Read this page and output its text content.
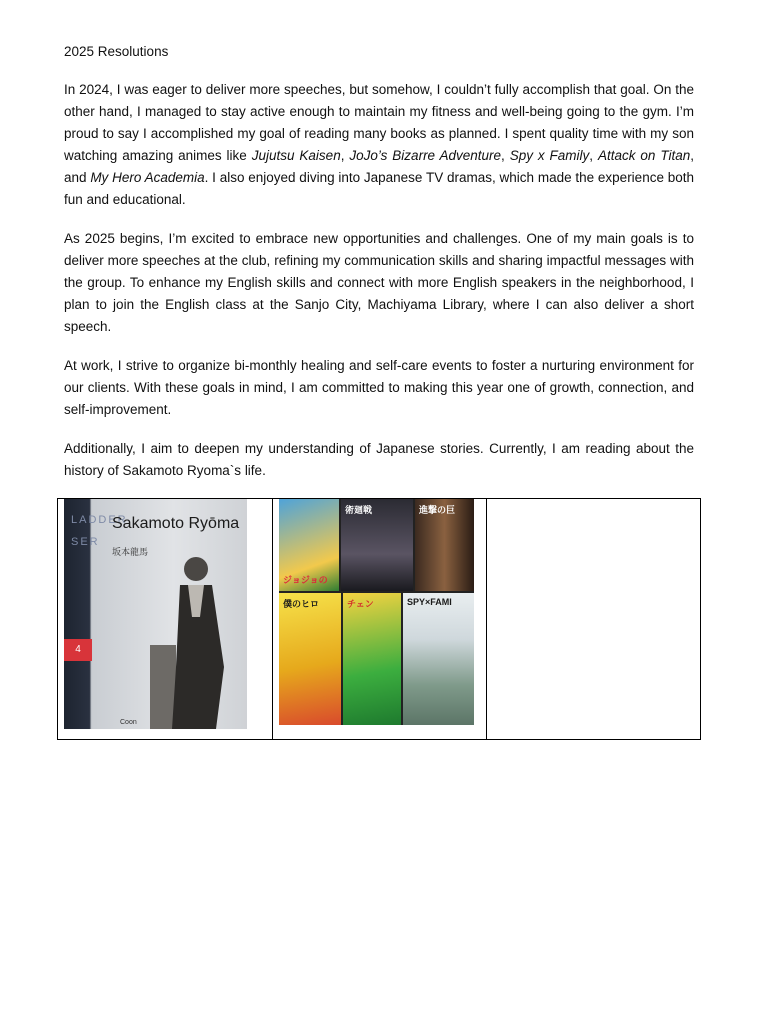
2025 Resolutions

In 2024, I was eager to deliver more speeches, but somehow, I couldn’t fully accomplish that goal. On the other hand, I managed to stay active enough to maintain my fitness and well-being going to the gym. I’m proud to say I accomplished my goal of reading many books as planned. I spent quality time with my son watching amazing animes like Jujutsu Kaisen, JoJo’s Bizarre Adventure, Spy x Family, Attack on Titan, and My Hero Academia. I also enjoyed diving into Japanese TV dramas, which made the experience both fun and educational.

As 2025 begins, I’m excited to embrace new opportunities and challenges. One of my main goals is to deliver more speeches at the club, refining my communication skills and sharing impactful messages with the group. To enhance my English skills and connect with more English speakers in the neighborhood, I plan to join the English class at the Sanjo City, Machiyama Library, where I can also deliver a short speech.

At work, I strive to organize bi-monthly healing and self-care events to foster a nurturing environment for our clients. With these goals in mind, I am committed to making this year one of growth, connection, and self-improvement.

Additionally, I aim to deepen my understanding of Japanese stories. Currently, I am reading about the history of Sakamoto Ryoma`s life.

LADDER SER
4
Sakamoto Ryōma
坂本龍馬
Coon
ジョジョの
術廻戦	進撃の巨
僕のヒロ	チェン	SPY×FAMI
